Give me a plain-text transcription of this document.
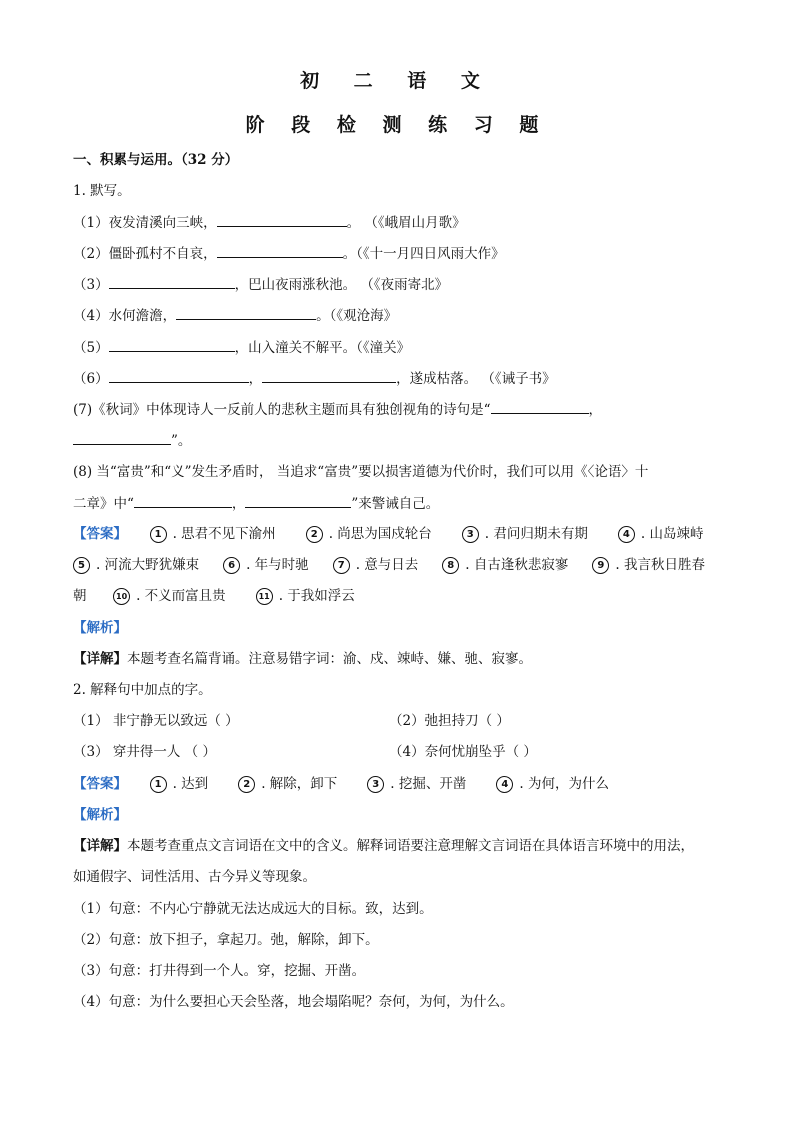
初 二 语 文
阶 段 检 测 练 习 题
一、积累与运用。（32 分）
1. 默写。
（1）夜发清溪向三峡，	。 （《峨眉山月歌》
（2）僵卧孤村不自哀，	。（《十一月四日风雨大作》
（3）	，巴山夜雨涨秋池。 （《夜雨寄北》
（4）水何澹澹，	。（《观沧海》
（5）	，山入潼关不解平。（《潼关》
（6）	，	，遂成枯落。 （《诫子书》
(7)《秋词》中体现诗人一反前人的悲秋主题而具有独创视角的诗句是“	，
”。
(8) 当“富贵”和“义”发生矛盾时， 当追求“富贵”要以损害道德为代价时，我们可以用《〈论语〉十
二章》中“	，	”来警诫自己。
【答案】	1 . 思君不见下渝州	2 . 尚思为国戍轮台	3 . 君问归期未有期	4 . 山岛竦峙
5 . 河流大野犹嫌束	6 . 年与时驰	7 . 意与日去	8 . 自古逢秋悲寂寥	9 . 我言秋日胜春
朝	10 . 不义而富且贵	11 . 于我如浮云
【解析】
【详解】本题考查名篇背诵。注意易错字词：渝、戍、竦峙、嫌、驰、寂寥。
2. 解释句中加点的字。
（1） 非宁静无以致远（ ）	（2）弛担持刀（ ）
（3） 穿井得一人 （ ）	（4）奈何忧崩坠乎（ ）
【答案】	1 . 达到	2 . 解除，卸下	3 . 挖掘、开凿	4 . 为何，为什么
【解析】
【详解】本题考查重点文言词语在文中的含义。解释词语要注意理解文言词语在具体语言环境中的用法，
如通假字、词性活用、古今异义等现象。
（1）句意：不内心宁静就无法达成远大的目标。致，达到。
（2）句意：放下担子，拿起刀。弛，解除，卸下。
（3）句意：打井得到一个人。穿，挖掘、开凿。
（4）句意：为什么要担心天会坠落，地会塌陷呢？奈何，为何，为什么。
